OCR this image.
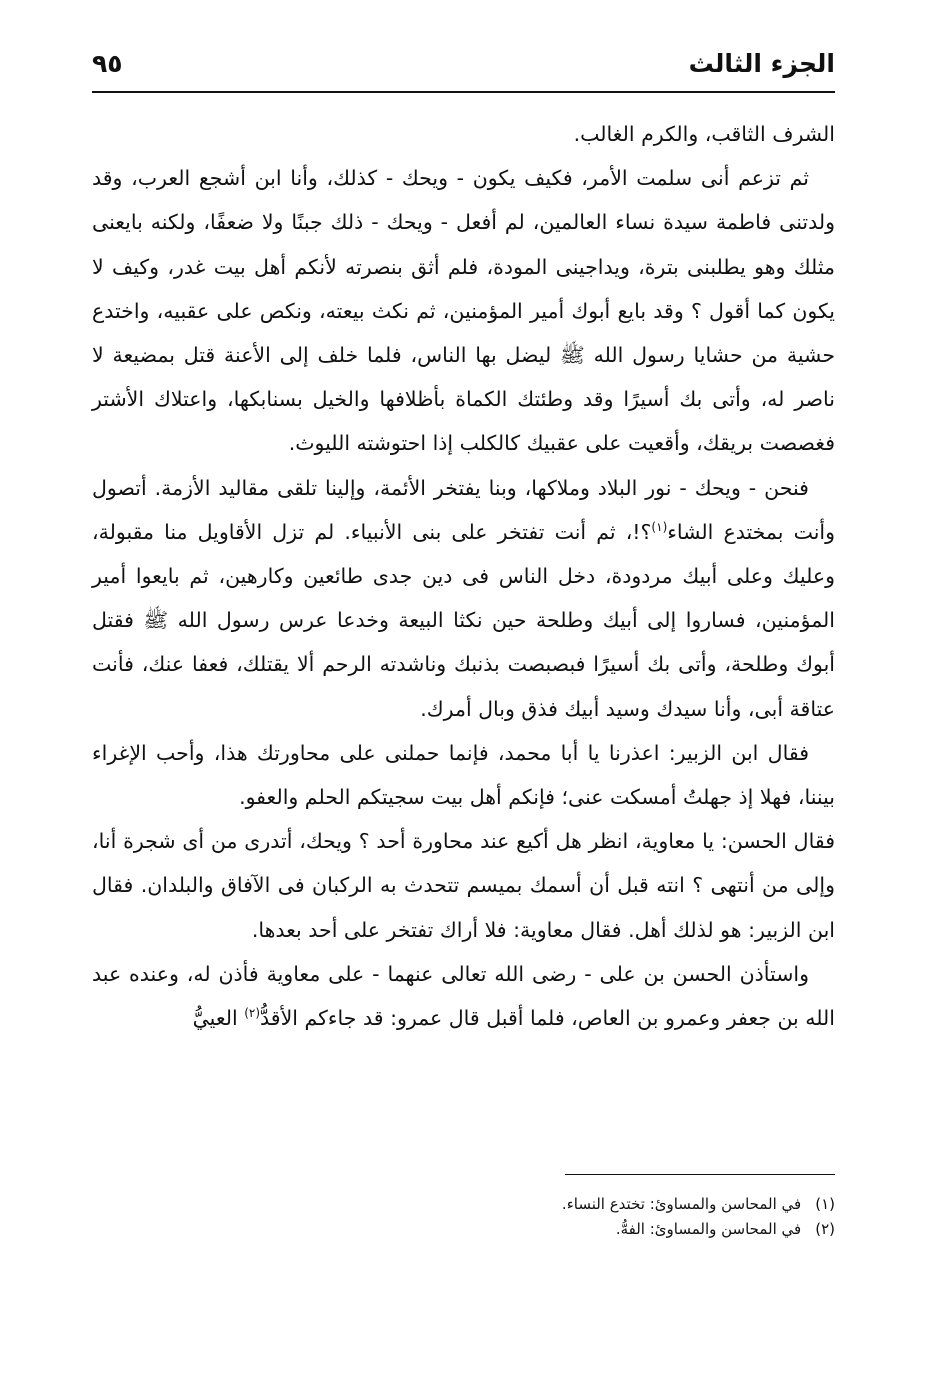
الجزء الثالث
٩٥

الشرف الثاقب، والكرم الغالب.

ثم تزعم أنى سلمت الأمر، فكيف يكون - ويحك - كذلك، وأنا ابن أشجع العرب، وقد ولدتنى فاطمة سيدة نساء العالمين، لم أفعل - ويحك - ذلك جبنًا ولا ضعفًا، ولكنه بايعنى مثلك وهو يطلبنى بترة، ويداجينى المودة، فلم أثق بنصرته لأنكم أهل بيت غدر، وكيف لا يكون كما أقول ؟ وقد بايع أبوك أمير المؤمنين، ثم نكث بيعته، ونكص على عقبيه، واختدع حشية من حشايا رسول الله ﷺ ليضل بها الناس، فلما خلف إلى الأعنة قتل بمضيعة لا ناصر له، وأتى بك أسيرًا وقد وطئتك الكماة بأظلافها والخيل بسنابكها، واعتلاك الأشتر فغصصت بريقك، وأقعيت على عقبيك كالكلب إذا احتوشته الليوث.

فنحن - ويحك - نور البلاد وملاكها، وبنا يفتخر الأئمة، وإلينا تلقى مقاليد الأزمة. أتصول وأنت بمختدع الشاء$^{(١)}$؟!، ثم أنت تفتخر على بنى الأنبياء. لم تزل الأقاويل منا مقبولة، وعليك وعلى أبيك مردودة، دخل الناس فى دين جدى طائعين وكارهين، ثم بايعوا أمير المؤمنين، فساروا إلى أبيك وطلحة حين نكثا البيعة وخدعا عرس رسول الله ﷺ فقتل أبوك وطلحة، وأتى بك أسيرًا فبصبصت بذنبك وناشدته الرحم ألا يقتلك، فعفا عنك، فأنت عتاقة أبى، وأنا سيدك وسيد أبيك فذق وبال أمرك.

فقال ابن الزبير: اعذرنا يا أبا محمد، فإنما حملنى على محاورتك هذا، وأحب الإغراء بيننا، فهلا إذ جهلتُ أمسكت عنى؛ فإنكم أهل بيت سجيتكم الحلم والعفو.

فقال الحسن: يا معاوية، انظر هل أكيع عند محاورة أحد ؟ ويحك، أتدرى من أى شجرة أنا، وإلى من أنتهى ؟ انته قبل أن أسمك بميسم تتحدث به الركبان فى الآفاق والبلدان. فقال ابن الزبير: هو لذلك أهل. فقال معاوية: فلا أراك تفتخر على أحد بعدها.

واستأذن الحسن بن على - رضى الله تعالى عنهما - على معاوية فأذن له، وعنده عبد الله بن جعفر وعمرو بن العاص، فلما أقبل قال عمرو: قد جاءكم الأقدُّ$^{(٢)}$ العييُّ

(١)في المحاسن والمساوئ: تختدع النساء.

(٢)في المحاسن والمساوئ: الفهُّ.
